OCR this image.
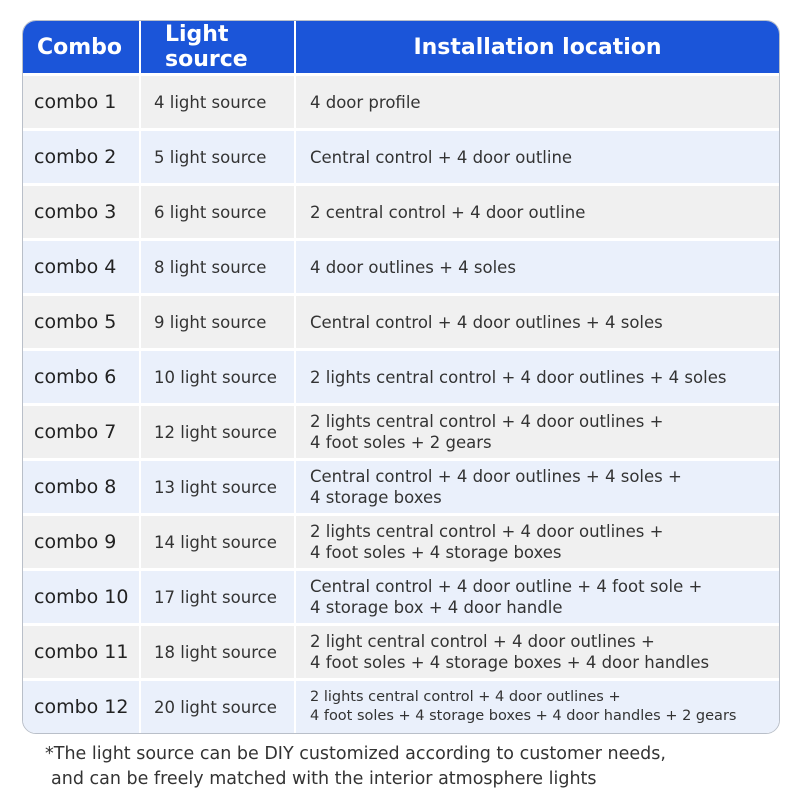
Combo	Light source	Installation location
combo 1	4 light source	4 door profile

combo 2	5 light source	Central control + 4 door outline

combo 3	6 light source	2 central control + 4 door outline

combo 4	8 light source	4 door outlines + 4 soles

combo 5	9 light source	Central control + 4 door outlines + 4 soles

combo 6	10 light source	2 lights central control + 4 door outlines + 4 soles

combo 7	12 light source	2 lights central control + 4 door outlines +
4 foot soles + 2 gears

combo 8	13 light source	Central control + 4 door outlines + 4 soles +
4 storage boxes

combo 9	14 light source	2 lights central control + 4 door outlines +
4 foot soles + 4 storage boxes

combo 10	17 light source	Central control + 4 door outline + 4 foot sole +
4 storage box + 4 door handle

combo 11	18 light source	2 light central control + 4 door outlines +
4 foot soles + 4 storage boxes + 4 door handles

combo 12	20 light source	2 lights central control + 4 door outlines +
4 foot soles + 4 storage boxes + 4 door handles + 2 gears
*The light source can be DIY customized according to customer needs,
and can be freely matched with the interior atmosphere lights
